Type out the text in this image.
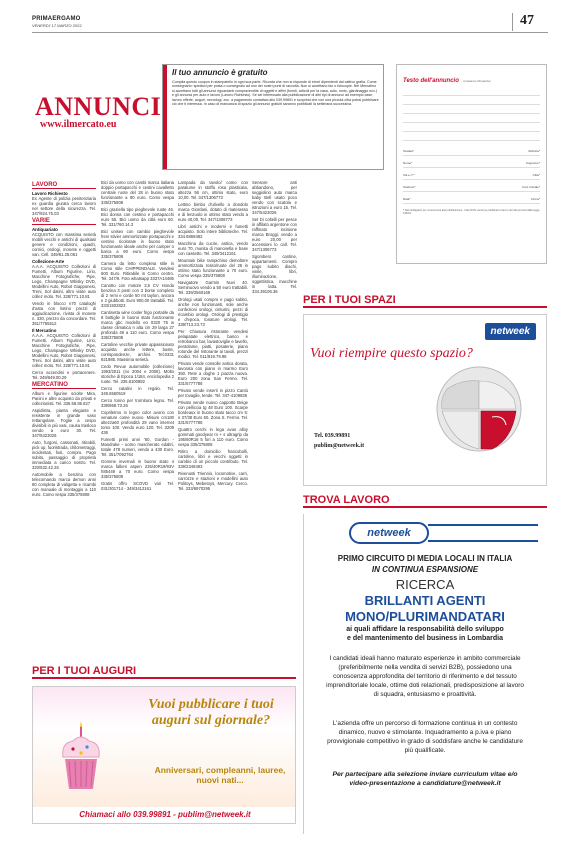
PRIMAERGAMO
VENERDI' 17 MARZO 2022	47
ANNUNCI
www.ilmercato.eu
Il tuo annuncio è gratuito

Compila questo coupon in stampatello in ogni sua parte. Ricorda che non si risponde di errori dipendenti dal cattivo grafia. Come consegnarlo: spedisci per posta o consegnalo ad uno dei nostri punti di raccolta. Non si accettano fax o fotocopie. Nel Mercatino si accettano tutti gli annunci riguardanti compravendite di oggetti e affini (forniti, articoli per la casa, auto, moto, giardinaggio ecc.) e gli annunci per auto e lavoro (Lavoro Richiesto). Se sei interessato alla pubblicazione di altri tipi di annunci ad esempio case, lavoro offerte, auguri, necrologi, ecc. a pagamento contattaci allo 039.99891 e scopriral che con una piccola cifra potrai pubblicare ciò che ti interessa. In caso di mancanza di spazio gli annunci gratuiti saranno pubblicati la settimana successiva.

Testo dell'annuncio (massimo 20 parole)
Testata*	Rubrica*
Nome*	Cognome*
Via e n°*	Città*
Telefono*	Cod. Fiscale*
Data*	Firma*
* Dati obbligatori per conoscenza alla pubblicazione. I dati NON verranno pubblicati a fianco dei dati previsti dalla legge 196/03
LAVORO
Lavoro Richiesto

Ex Agente di polizia penitenziaria ex guardia giurata cerca lavoro nel settore della sicurezza. Tel. 347/924.75.03

VARIE
Antiquariato

ACQUISTO con massima serietà mobili vecchi e antichi di qualsiasi genere e condizioni, quadri, cornici, orologi, monete e oggetti van. Cell. 349/81.25.061

Collezione-Arte

A.A.A. ACQUISTO Collezioni di Fumetti, Album Figurine, Lirio, Macchine Fotografiche, Pipe, Lego, Champagne Whisky DVD, Modellini Auto, Robot Giapponesi, Treni, Sol datini, altro visite auto collez moto. Tel. 328/771.10.81

Vendo in blocco n70 cataloghi d'asta con listino prezzi di aggiudicazione, rivista di monete n. 330, prezzo da concordare. Tel. 351/7755512

Il Mercatino

A.A.A. ACQUISTO Collezioni di Fumetti, Album Figurine, Lirio, Macchine Fotografiche, Pipe, Lego, Champagne Whisky DVD, Modellini Auto, Robot Giapponesi, Treni, Sol datini, altro visite auto collez moto. Tel. 328/771.10.81

Cerco accendini e portacenere. Tel. 349/649.00.29

MERCATINO

Album e figurine sciolte Mira, Panini e altre acquisto da privati e collezionisti. Tel. 335.58.85.827

Aspidistra, pianta elegante e resistente in grande vaso rettangolare. Foglie a cespo divisibili in più vasi, causa trasloco vendo a euro 30. Tel. 347/5423026

Auto, furgoni, cassonati, ritirabili, pick up, fuoristrada, chilometraggi, incidentati, fusi, compro. Pago subito, passaggio di proprietà immediata a carico nostro. Tel. 320/532.42.26

Automobile a benzina con telecomando marca demon anni 80 completa di valigetta e ricambi con manuale di montaggio a 110 euro. Como vespa 335/375808

Bici da uomo con cambi marca italiana doppio portapacchi e cestini cavalletto centrale ruote del 28 in buono stato funzionante a 90 euro. Como vespa 335/375808

Bici graziella tipo pieghevole ruote 46. Bici donna con cestino e portapacchi euro 55. Bici uomo da città euro 60. Tel. 331/760.14.3

Bici unisex con cambio pieghevole freni stivier ammortizzate portapacchi e cestino ricolorate in buono stato funzionante ideale anche per camper o barca a 90 euro. Como vespa 335/375808

Camera da letto completa stile in Como stile CHIPPENDALE. Vendesi 600 Euro. Ritirabile in Como centro. Tel. 347/9. Foto whatsapp 3337A14485

Canotto con motore 3,5 CV Honda benzina 3 posti con 3 borse completo di 2 remi e corde 50 mt taylon, ancora e 2 giubbotti. Euro 900,00 trattabili. Tel. 333/1502823

Cantinetta wine cooler frigo portatile da 8 bottiglie in buono stato funzionante marca gbc modello eo 0320 75 w classe climatica n alta cm 29 larga 27 profonda 49 a 110 euro. Como vespa 335/375808

Cartoline vecchie private appassionato acquista anche lettere, buste, corrispondenze, archivi. Tel.0331 921985. Massima serietà.

Cedo Revue automobile (collezione) 1993/2011 (no 2004 e 2008). Molto storiche di Epoca 1/184, enciclopedia 2 ruote. Tel. 335.8100892

Cerco catalini in regalo. Tel. 349.6560519

Cerco tonno per tromitura legno. Tel. 339/868.73.26

Copriletmo in legno color avorio con venature come nuovo. Misure cm180 altezza60 profondità 29 vano internet tomo 100. Vendo euro 120. Tel. 3209 436

Fumetti primi anni '60, Gordon - Mandrake - uomo mascherato edaltri, totale 478 numeri, vendo a 430 Euro. Tel. 351/7092764

Gomme invernali in buono stato 4 marca falken aspen 225/40R19/93V h85449 a 70 euro. Como vespa 335/375808

Gratis offro SCOVD vari Tel. 031/301714 - 349/3412161

Lampada da tavolo/ como con paralume in stoffa rosa plasticata, altezza 56 cm, ottimo stato, euro 10,00. Tel. 347/1306773

Lettino bimbo d'ulivello a dondolo marca Giordani, dotato di materasso e di lenzuolo in ottimo stato vendo a euro 40,00. Tel. 347/1306773

Libri antichi e moderni e fumetti acquisto. Solo intere biblioteche. Tel. 334.6869482

Macchina da cucire, antica, vendo euro 70, munita di manovella e base con cassetto. Tel. 349/3412161

Mountain bike rampichino demoltore ammortizzata rosso/ruote del 26 in ottimo stato funzionante a 70 euro. Como vespa 335/375808

Navigatore Garmin Nuvi 40. Seminuovo vendo a 50 euro trattabili. Tel. 339/2560169

Orologi usati compro e pago subito, anche non funzionanti, sole anche confezioni orologi, cinturini, pezzi di ricambio orologi. Orologi di prestigio e d'epoca, tonature orologi. Tel. 339/713.23.73

Per Chiusura ristorante vendesi pelapatate elettrico, banco e retrobanco bar, lavastoviglie e lavello, pentolame, piatti, posaterie, piano rotonde del ristorante ai tavoli, prezzi modici. Tel. 011/919.79.98

Privato vende consolle antica dorata, lavorata con piano in marmo Euro 350. Rete a doghe 1 piazza nuova. Euro 200 zona San Fermo. Tel. 331/5777788

Privato vende inserti in pizzo Cantù per tovaglie, tende. Tel. 347-4109836

Privato vende nuovo cappotto Beige con pelliccia tg 48 Euro 100. Scarpe bordeaux in buono stato tacco cm 5: n 37/38 Euro 50. Zona S. Fermo. Tel. 331/5777788

Quattro cerchi in lega avus alloy gommati goodyear m + s ultragrip da 195/60R16 5 fori a 110 euro. Como vespa 335/375808

Ritiro a domicilio francobolli, cartoline, libri e vecchi oggetti in cambio di un piccolo contributo. Tel. 339/2348493

Rivenusti Triennio, locomotive, carri, carrozze e stazioni e modellini auto Politoys, Mebetoys, Mercury. Cerco. Tel. 333/6970295

Sensore anti abbandono, per seggiolino auto marca baby Bell usato poco vendo con scatola e istruzioni a euro 15. Tel. 347/5423026

Set Di coltelli per pesce in affilato argentone con raffinato incisione marca Broggi, vendo a euro 20,00 per accessioni lo call. Tel. 347/1306773

Sgombero cantine, appartamenti. Compro pago subito diachi, vinile, libri, illuminazione, oggettistica, macchine in latta. Tel. 334.39106.36

PER I TUOI SPAZI
netweek
Vuoi riempire questo spazio?
Tel. 039.99891
publim@netweek.it
TROVA LAVORO
netweek
PRIMO CIRCUITO DI MEDIA LOCALI IN ITALIA
IN CONTINUA ESPANSIONE
RICERCA
BRILLANTI AGENTI
MONO/PLURIMANDATARI
ai quali affidare la responsabilità dello sviluppo
e del mantenimento del business in Lombardia
I candidati ideali hanno maturato esperienze in ambito commerciale (preferibilmente nella vendita di servizi B2B), possiedono una conoscenza approfondita del territorio di riferimento e del tessuto imprenditoriale locale, ottime doti relazionali, predisposizione al lavoro di squadra, entusiasmo e proattività.
L'azienda offre un percorso di formazione continua in un contesto dinamico, nuovo e stimolante. Inquadramento a p.iva e piano provvigionale competitivo in grado di soddisfare anche le candidature più qualificate.
Per partecipare alla selezione inviare curriculum vitae e/o video-presentazione a candidature@netweek.it
PER I TUOI AUGURI
Vuoi pubblicare i tuoi auguri sul giornale?
Anniversari, compleanni, lauree, nuovi nati...
Chiamaci allo 039.99891 - publim@netweek.it
